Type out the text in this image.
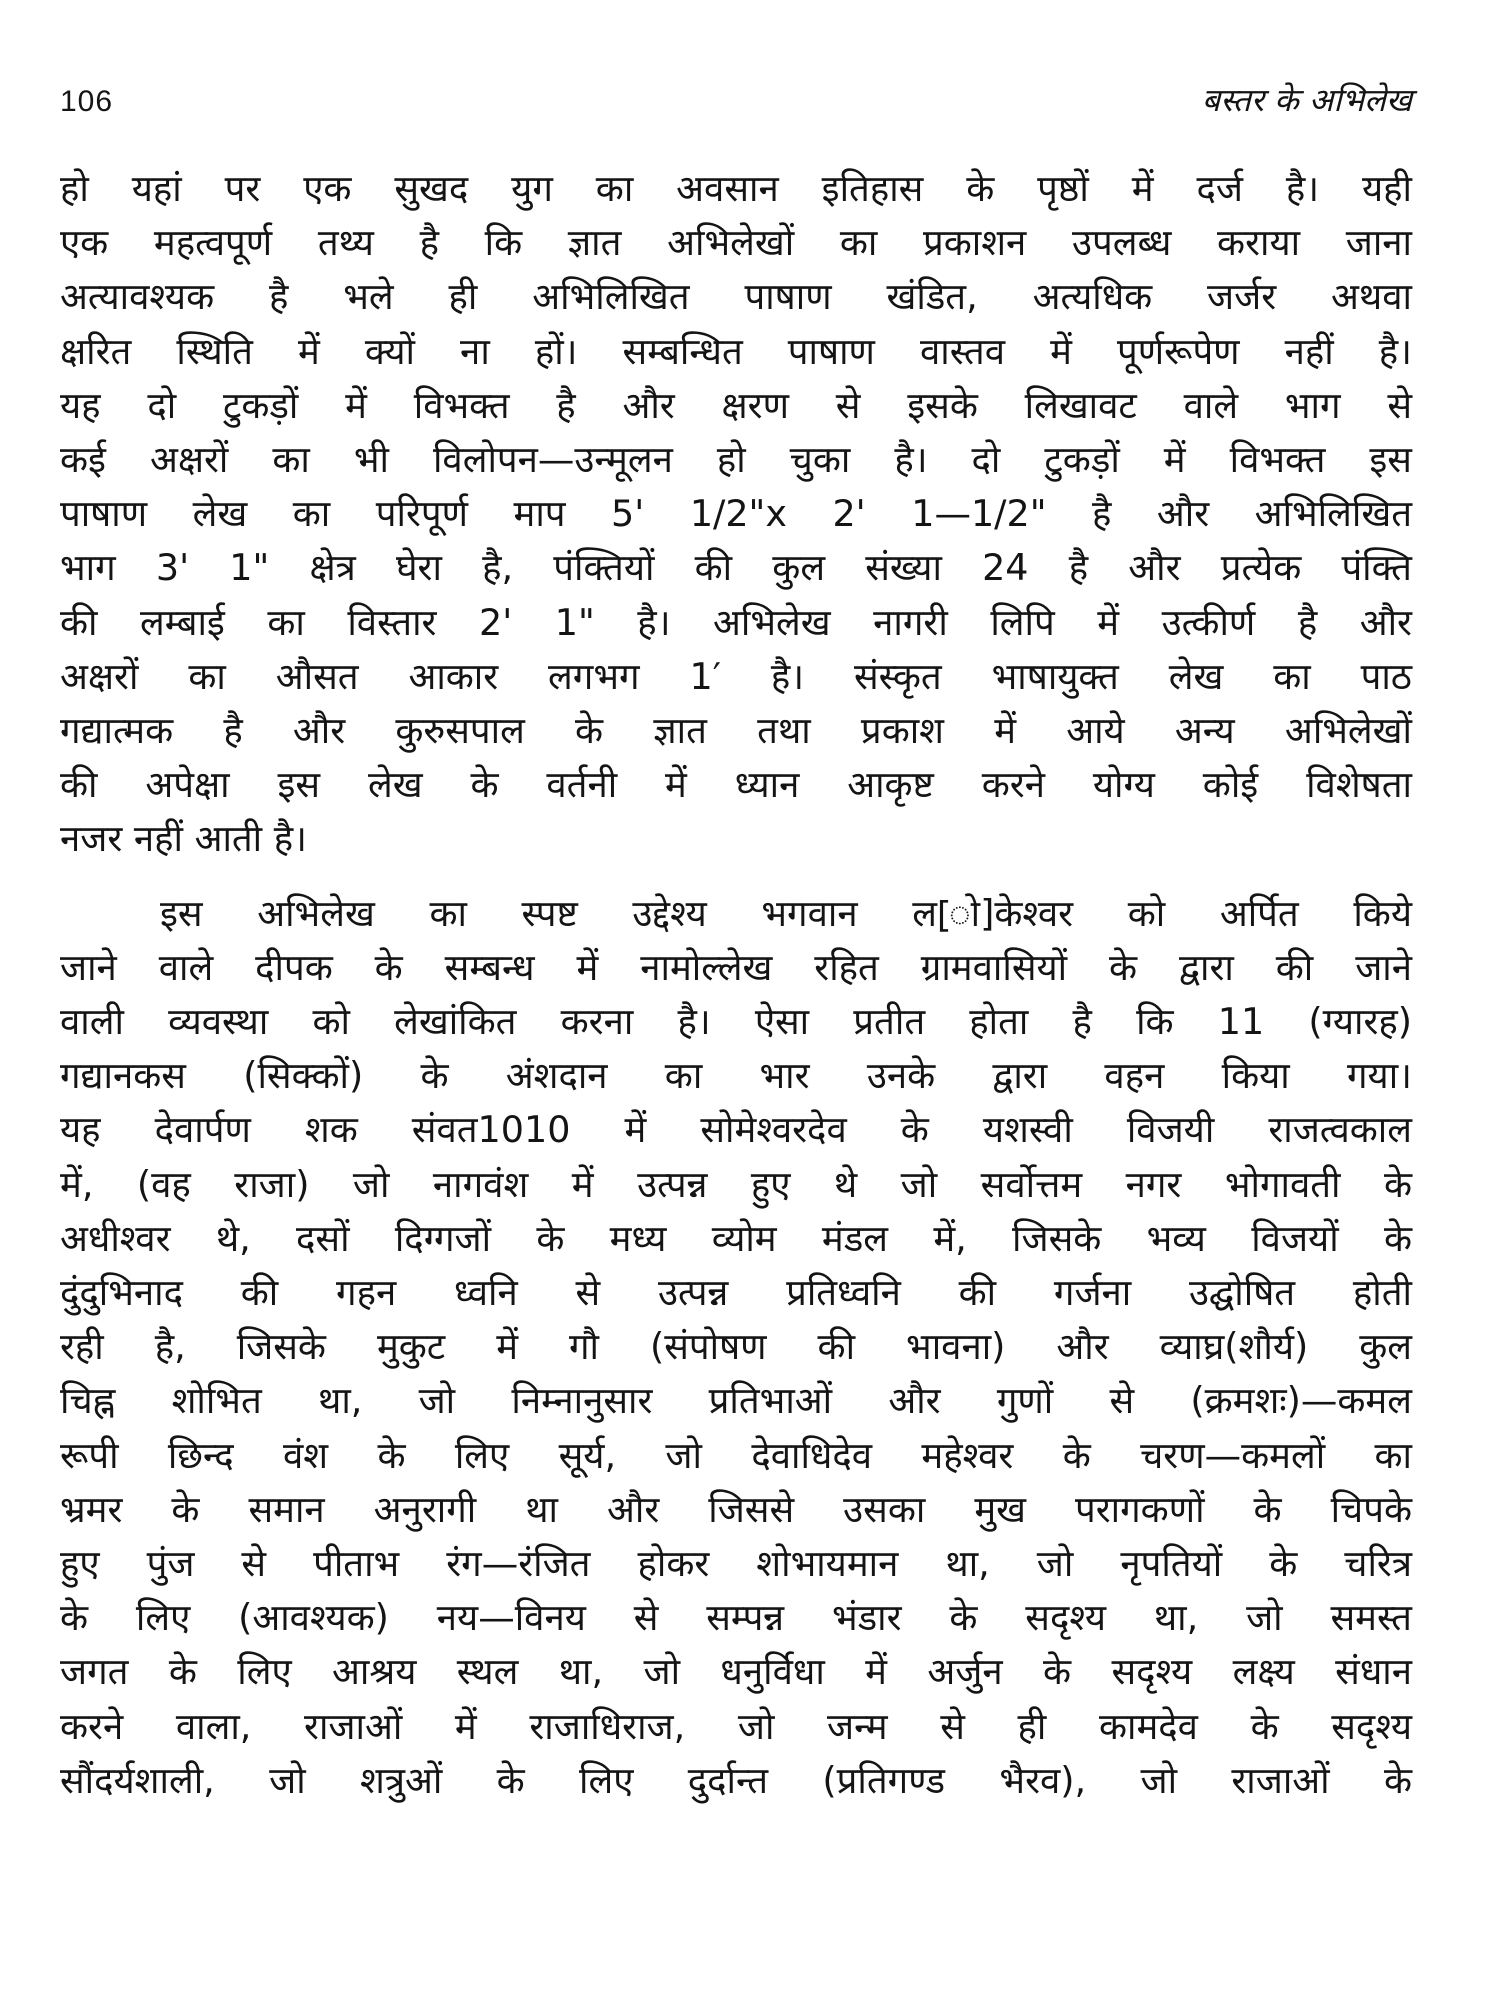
106	बस्तर के अभिलेख
हो यहां पर एक सुखद युग का अवसान इतिहास के पृष्ठों में दर्ज है। यही
एक महत्वपूर्ण तथ्य है कि ज्ञात अभिलेखों का प्रकाशन उपलब्ध कराया जाना
अत्यावश्यक है भले ही अभिलिखित पाषाण खंडित, अत्यधिक जर्जर अथवा
क्षरित स्थिति में क्यों ना हों। सम्बन्धित पाषाण वास्तव में पूर्णरूपेण नहीं है।
यह दो टुकड़ों में विभक्त है और क्षरण से इसके लिखावट वाले भाग से
कई अक्षरों का भी विलोपन—उन्मूलन हो चुका है। दो टुकड़ों में विभक्त इस
पाषाण लेख का परिपूर्ण माप 5' 1/2"x 2' 1—1/2" है और अभिलिखित
भाग 3' 1" क्षेत्र घेरा है, पंक्तियों की कुल संख्या 24 है और प्रत्येक पंक्ति
की लम्बाई का विस्तार 2' 1" है। अभिलेख नागरी लिपि में उत्कीर्ण है और
अक्षरों का औसत आकार लगभग 1′ है। संस्कृत भाषायुक्त लेख का पाठ
गद्यात्मक है और कुरुसपाल के ज्ञात तथा प्रकाश में आये अन्य अभिलेखों
की अपेक्षा इस लेख के वर्तनी में ध्यान आकृष्ट करने योग्य कोई विशेषता
नजर नहीं आती है।
इस अभिलेख का स्पष्ट उद्देश्य भगवान ल[ो]केश्वर को अर्पित किये
जाने वाले दीपक के सम्बन्ध में नामोल्लेख रहित ग्रामवासियों के द्वारा की जाने
वाली व्यवस्था को लेखांकित करना है। ऐसा प्रतीत होता है कि 11 (ग्यारह)
गद्यानकस (सिक्कों) के अंशदान का भार उनके द्वारा वहन किया गया।
यह देवार्पण शक संवत1010 में सोमेश्वरदेव के यशस्वी विजयी राजत्वकाल
में, (वह राजा) जो नागवंश में उत्पन्न हुए थे जो सर्वोत्तम नगर भोगावती के
अधीश्वर थे, दसों दिग्गजों के मध्य व्योम मंडल में, जिसके भव्य विजयों के
दुंदुभिनाद की गहन ध्वनि से उत्पन्न प्रतिध्वनि की गर्जना उद्घोषित होती
रही है, जिसके मुकुट में गौ (संपोषण की भावना) और व्याघ्र(शौर्य) कुल
चिह्न शोभित था, जो निम्नानुसार प्रतिभाओं और गुणों से (क्रमशः)—कमल
रूपी छिन्द वंश के लिए सूर्य, जो देवाधिदेव महेश्वर के चरण—कमलों का
भ्रमर के समान अनुरागी था और जिससे उसका मुख परागकणों के चिपके
हुए पुंज से पीताभ रंग—रंजित होकर शोभायमान था, जो नृपतियों के चरित्र
के लिए (आवश्यक) नय—विनय से सम्पन्न भंडार के सदृश्य था, जो समस्त
जगत के लिए आश्रय स्थल था, जो धनुर्विधा में अर्जुन के सदृश्य लक्ष्य संधान
करने वाला, राजाओं में राजाधिराज, जो जन्म से ही कामदेव के सदृश्य
सौंदर्यशाली, जो शत्रुओं के लिए दुर्दान्त (प्रतिगण्ड भैरव), जो राजाओं के
